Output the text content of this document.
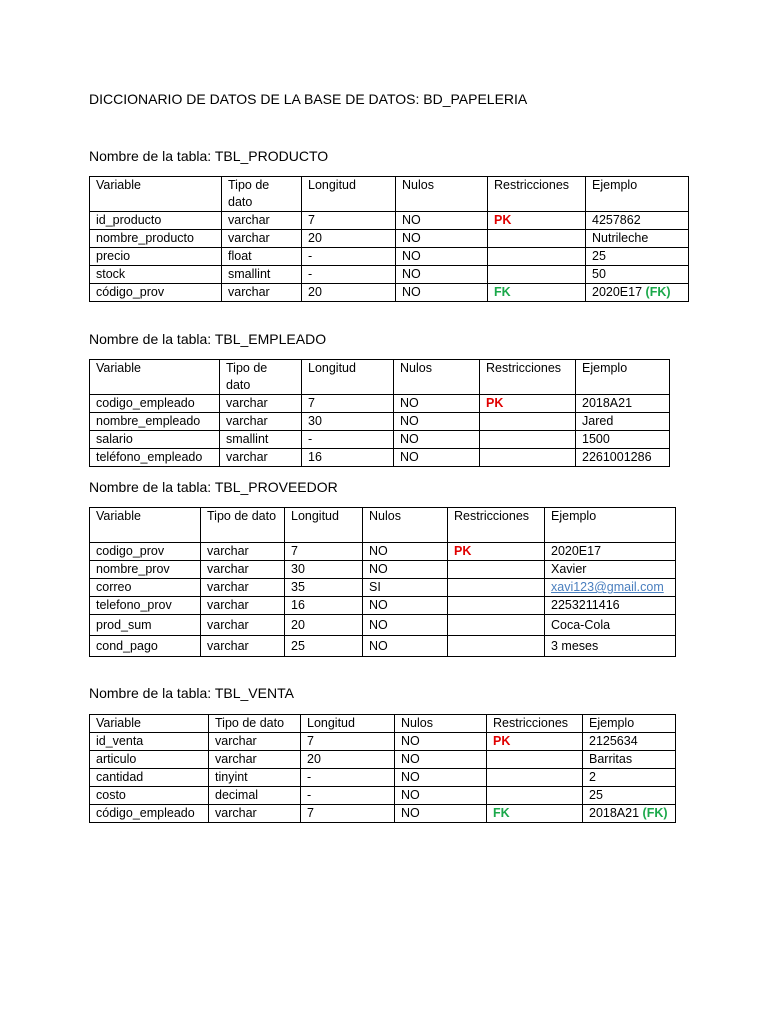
DICCIONARIO DE DATOS DE LA BASE DE DATOS: BD_PAPELERIA
Nombre de la tabla: TBL_PRODUCTO
Variable	Tipo de dato	Longitud	Nulos	Restricciones	Ejemplo
id_producto	varchar	7	NO	PK	4257862
nombre_producto	varchar	20	NO		Nutrileche
precio	float	-	NO		25
stock	smallint	-	NO		50
código_prov	varchar	20	NO	FK	2020E17 (FK)
Nombre de la tabla: TBL_EMPLEADO
Variable	Tipo de dato	Longitud	Nulos	Restricciones	Ejemplo
codigo_empleado	varchar	7	NO	PK	2018A21
nombre_empleado	varchar	30	NO		Jared
salario	smallint	-	NO		1500
teléfono_empleado	varchar	16	NO		2261001286
Nombre de la tabla: TBL_PROVEEDOR
Variable	Tipo de dato	Longitud	Nulos	Restricciones	Ejemplo
codigo_prov	varchar	7	NO	PK	2020E17
nombre_prov	varchar	30	NO		Xavier
correo	varchar	35	SI		xavi123@gmail.com
telefono_prov	varchar	16	NO		2253211416
prod_sum	varchar	20	NO		Coca-Cola
cond_pago	varchar	25	NO		3 meses
Nombre de la tabla: TBL_VENTA
Variable	Tipo de dato	Longitud	Nulos	Restricciones	Ejemplo
id_venta	varchar	7	NO	PK	2125634
articulo	varchar	20	NO		Barritas
cantidad	tinyint	-	NO		2
costo	decimal	-	NO		25
código_empleado	varchar	7	NO	FK	2018A21 (FK)
